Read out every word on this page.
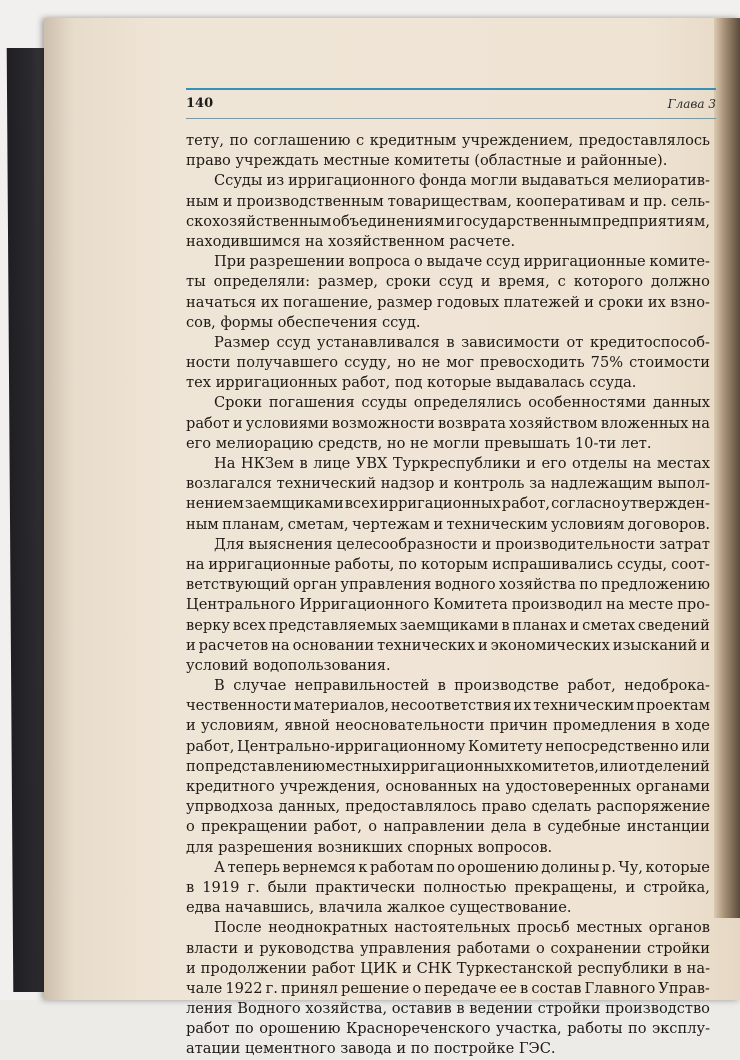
140	Глава 3
тету, по соглашению с кредитным учреждением, предоставлялось
право учреждать местные комитеты (областные и районные).
Ссуды из ирригационного фонда могли выдаваться мелиоратив-
ным и производственным товариществам, кооперативам и пр. сель-
скохозяйственным объединениям и государственным предприятиям,
находившимся на хозяйственном расчете.
При разрешении вопроса о выдаче ссуд ирригационные комите-
ты определяли: размер, сроки ссуд и время, с которого должно
начаться их погашение, размер годовых платежей и сроки их взно-
сов, формы обеспечения ссуд.
Размер ссуд устанавливался в зависимости от кредитоспособ-
ности получавшего ссуду, но не мог превосходить 75% стоимости
тех ирригационных работ, под которые выдавалась ссуда.
Сроки погашения ссуды определялись особенностями данных
работ и условиями возможности возврата хозяйством вложенных на
его мелиорацию средств, но не могли превышать 10-ти лет.
На НКЗем в лице УВХ Туркреспублики и его отделы на местах
возлагался технический надзор и контроль за надлежащим выпол-
нением заемщиками всех ирригационных работ, согласно утвержден-
ным планам, сметам, чертежам и техническим условиям договоров.
Для выяснения целесообразности и производительности затрат
на ирригационные работы, по которым испрашивались ссуды, соот-
ветствующий орган управления водного хозяйства по предложению
Центрального Ирригационного Комитета производил на месте про-
верку всех представляемых заемщиками в планах и сметах сведений
и расчетов на основании технических и экономических изысканий и
условий водопользования.
В случае неправильностей в производстве работ, недоброка-
чественности материалов, несоответствия их техническим проектам
и условиям, явной неосновательности причин промедления в ходе
работ, Центрально-ирригационному Комитету непосредственно или
по представлению местных ирригационных комитетов, или отделений
кредитного учреждения, основанных на удостоверенных органами
упрводхоза данных, предоставлялось право сделать распоряжение
о прекращении работ, о направлении дела в судебные инстанции
для разрешения возникших спорных вопросов.
А теперь вернемся к работам по орошению долины р. Чу, которые
в 1919 г. были практически полностью прекращены, и стройка,
едва начавшись, влачила жалкое существование.
После неоднократных настоятельных просьб местных органов
власти и руководства управления работами о сохранении стройки
и продолжении работ ЦИК и СНК Туркестанской республики в на-
чале 1922 г. принял решение о передаче ее в состав Главного Управ-
ления Водного хозяйства, оставив в ведении стройки производство
работ по орошению Краснореченского участка, работы по эксплу-
атации цементного завода и по постройке ГЭС.
